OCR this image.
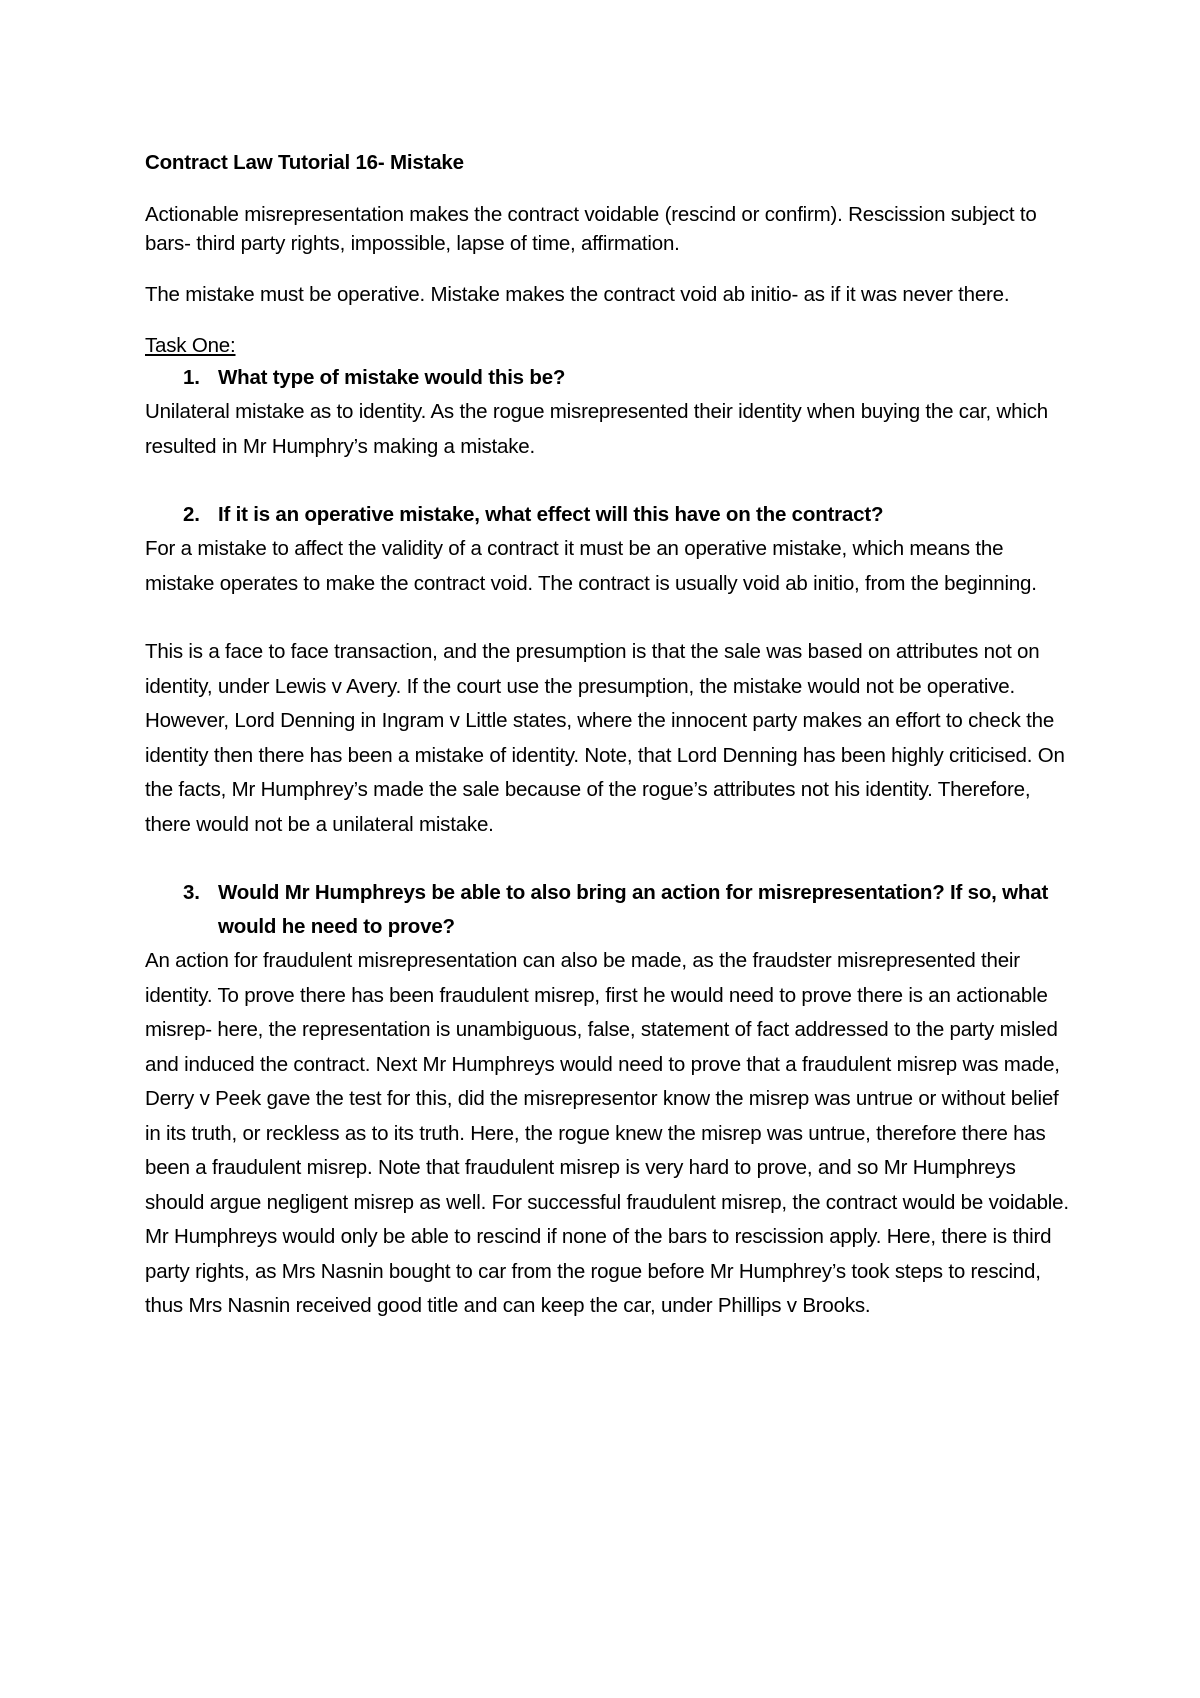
Contract Law Tutorial 16- Mistake
Actionable misrepresentation makes the contract voidable (rescind or confirm). Rescission subject to bars- third party rights, impossible, lapse of time, affirmation.
The mistake must be operative. Mistake makes the contract void ab initio- as if it was never there.
Task One:
1. What type of mistake would this be?
Unilateral mistake as to identity. As the rogue misrepresented their identity when buying the car, which resulted in Mr Humphry’s making a mistake.
2. If it is an operative mistake, what effect will this have on the contract?
For a mistake to affect the validity of a contract it must be an operative mistake, which means the mistake operates to make the contract void. The contract is usually void ab initio, from the beginning.
This is a face to face transaction, and the presumption is that the sale was based on attributes not on identity, under Lewis v Avery. If the court use the presumption, the mistake would not be operative. However, Lord Denning in Ingram v Little states, where the innocent party makes an effort to check the identity then there has been a mistake of identity. Note, that Lord Denning has been highly criticised. On the facts, Mr Humphrey’s made the sale because of the rogue’s attributes not his identity. Therefore, there would not be a unilateral mistake.
3. Would Mr Humphreys be able to also bring an action for misrepresentation? If so, what would he need to prove?
An action for fraudulent misrepresentation can also be made, as the fraudster misrepresented their identity. To prove there has been fraudulent misrep, first he would need to prove there is an actionable misrep- here, the representation is unambiguous, false, statement of fact addressed to the party misled and induced the contract. Next Mr Humphreys would need to prove that a fraudulent misrep was made, Derry v Peek gave the test for this, did the misrepresentor know the misrep was untrue or without belief in its truth, or reckless as to its truth. Here, the rogue knew the misrep was untrue, therefore there has been a fraudulent misrep. Note that fraudulent misrep is very hard to prove, and so Mr Humphreys should argue negligent misrep as well. For successful fraudulent misrep, the contract would be voidable. Mr Humphreys would only be able to rescind if none of the bars to rescission apply. Here, there is third party rights, as Mrs Nasnin bought to car from the rogue before Mr Humphrey’s took steps to rescind, thus Mrs Nasnin received good title and can keep the car, under Phillips v Brooks.
